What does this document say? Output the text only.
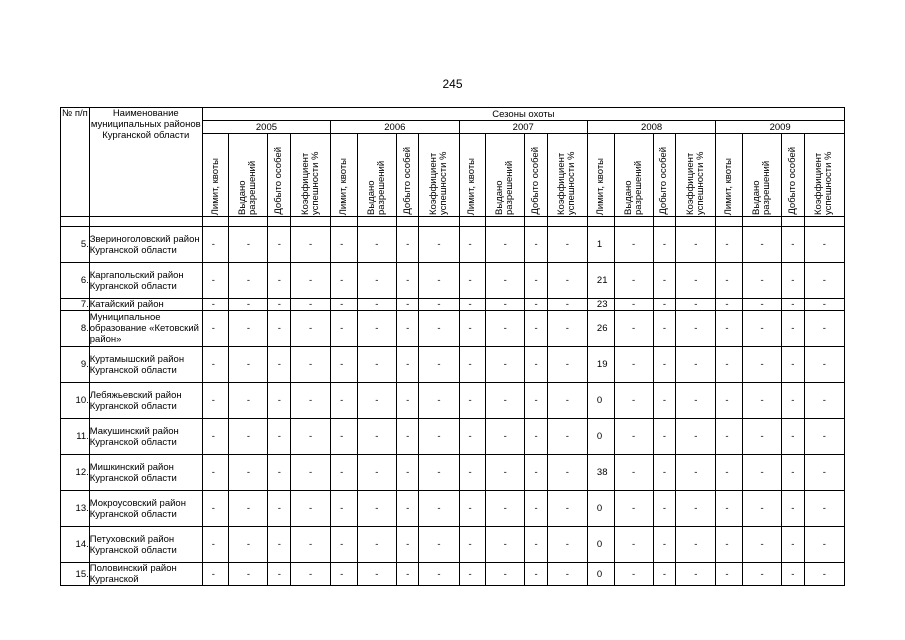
245
№ п/п	Наименование муниципальных районов Курганской области	Сезоны охоты																			
		2005				2006				2007				2008				2009			

		Лимит, квоты	Выдано разрешений	Добыто особей	Коэффициент успешности %	Лимит, квоты	Выдано разрешений	Добыто особей	Коэффициент успешности %	Лимит, квоты	Выдано разрешений	Добыто особей	Коэффициент успешности %	Лимит, квоты	Выдано разрешений	Добыто особей	Коэффициент успешности %	Лимит, квоты	Выдано разрешений	Добыто особей	Коэффициент успешности %

5.	Звериноголовский район Курганской области	-	-	-	-	-	-	-	-	-	-	-	-	1	-	-	-	-	-	-	-
6.	Каргапольский район Курганской области	-	-	-	-	-	-	-	-	-	-	-	-	21	-	-	-	-	-	-	-
7.	Катайский район	-	-	-	-	-	-	-	-	-	-	-	-	23	-	-	-	-	-	-	-
8.	Муниципальное образование «Кетовский район»	-	-	-	-	-	-	-	-	-	-	-	-	26	-	-	-	-	-	-	-
9.	Куртамышский район Курганской области	-	-	-	-	-	-	-	-	-	-	-	-	19	-	-	-	-	-	-	-
10.	Лебяжьевский район Курганской области	-	-	-	-	-	-	-	-	-	-	-	-	0	-	-	-	-	-	-	-
11.	Макушинский район Курганской области	-	-	-	-	-	-	-	-	-	-	-	-	0	-	-	-	-	-	-	-
12.	Мишкинский район Курганской области	-	-	-	-	-	-	-	-	-	-	-	-	38	-	-	-	-	-	-	-
13.	Мокроусовский район Курганской области	-	-	-	-	-	-	-	-	-	-	-	-	0	-	-	-	-	-	-	-
14.	Петуховский район Курганской области	-	-	-	-	-	-	-	-	-	-	-	-	0	-	-	-	-	-	-	-
15.	Половинский район Курганской	-	-	-	-	-	-	-	-	-	-	-	-	0	-	-	-	-	-	-	-
